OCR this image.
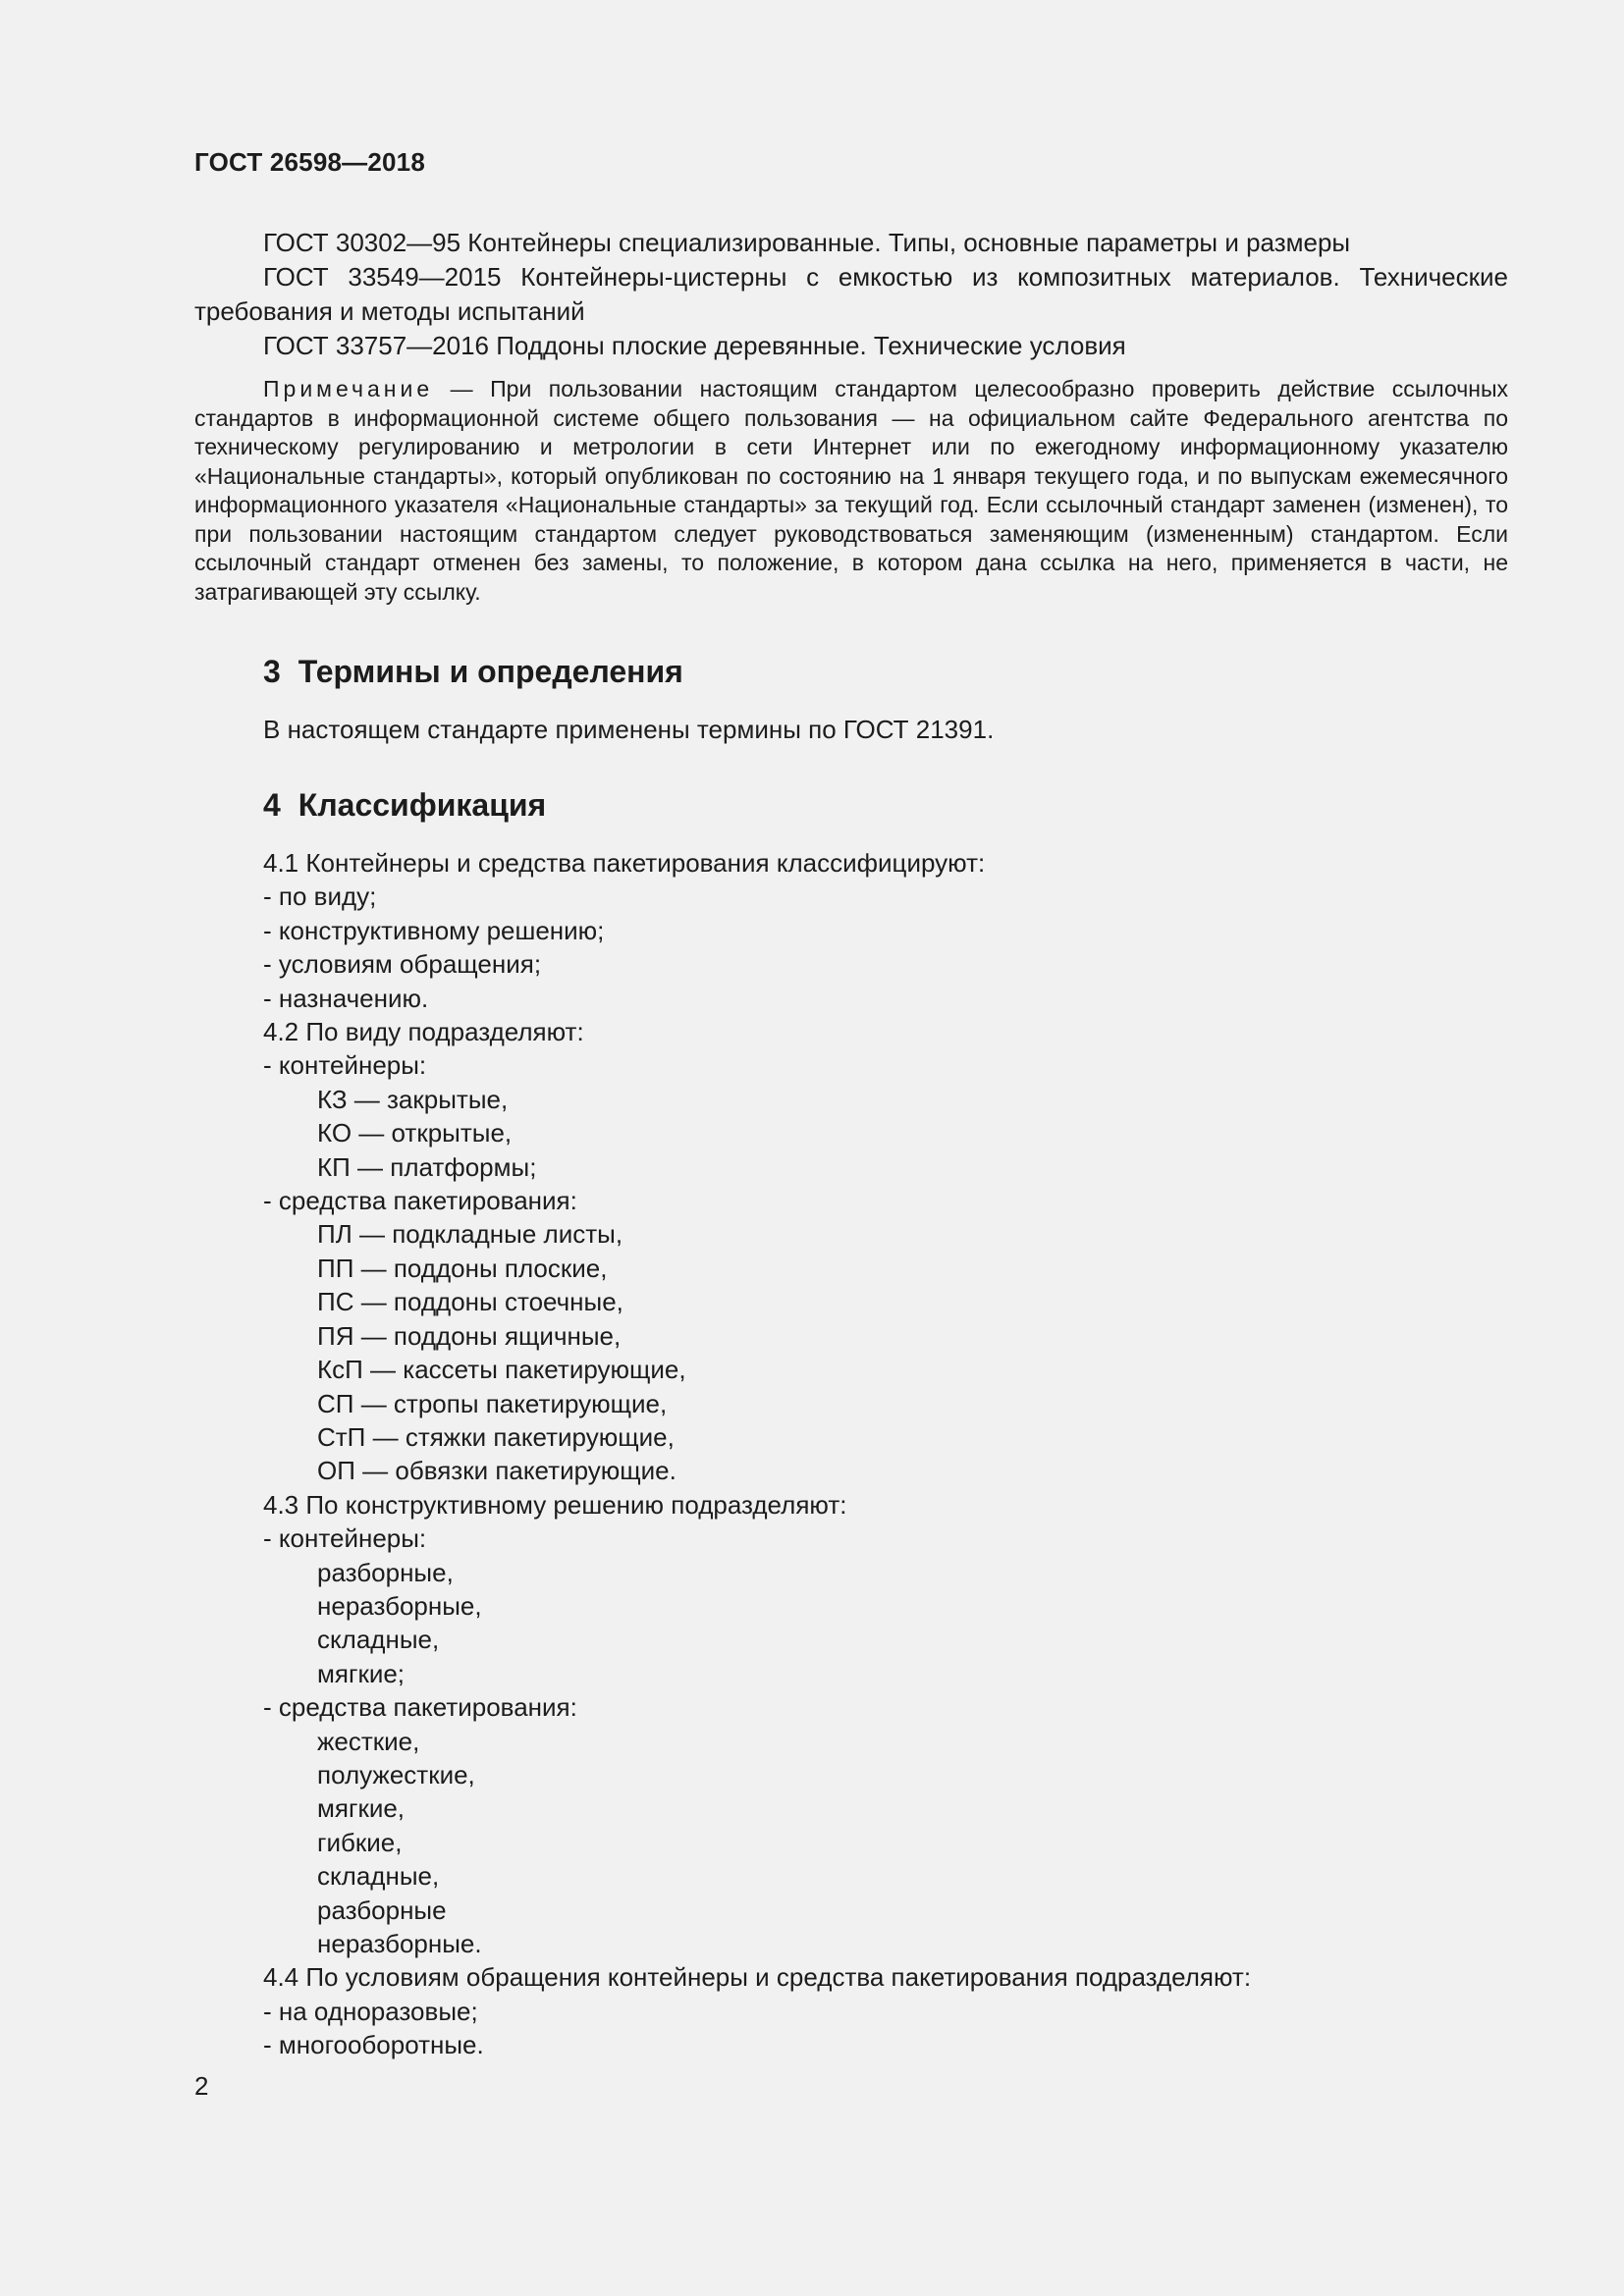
ГОСТ 26598—2018

ГОСТ 30302—95 Контейнеры специализированные. Типы, основные параметры и размеры

ГОСТ 33549—2015 Контейнеры-цистерны с емкостью из композитных материалов. Технические требования и методы испытаний

ГОСТ 33757—2016 Поддоны плоские деревянные. Технические условия

Примечание — При пользовании настоящим стандартом целесообразно проверить действие ссылочных стандартов в информационной системе общего пользования — на официальном сайте Федерального агентства по техническому регулированию и метрологии в сети Интернет или по ежегодному информационному указателю «Национальные стандарты», который опубликован по состоянию на 1 января текущего года, и по выпускам ежемесячного информационного указателя «Национальные стандарты» за текущий год. Если ссылочный стандарт заменен (изменен), то при пользовании настоящим стандартом следует руководствоваться заменяющим (измененным) стандартом. Если ссылочный стандарт отменен без замены, то положение, в котором дана ссылка на него, применяется в части, не затрагивающей эту ссылку.
3 Термины и определения
В настоящем стандарте применены термины по ГОСТ 21391.
4 Классификация
4.1 Контейнеры и средства пакетирования классифицируют:
- по виду;
- конструктивному решению;
- условиям обращения;
- назначению.
4.2 По виду подразделяют:
- контейнеры:
КЗ — закрытые,
КО — открытые,
КП — платформы;
- средства пакетирования:
ПЛ — подкладные листы,
ПП — поддоны плоские,
ПС — поддоны стоечные,
ПЯ — поддоны ящичные,
КсП — кассеты пакетирующие,
СП — стропы пакетирующие,
СтП — стяжки пакетирующие,
ОП — обвязки пакетирующие.
4.3 По конструктивному решению подразделяют:
- контейнеры:
разборные,
неразборные,
складные,
мягкие;
- средства пакетирования:
жесткие,
полужесткие,
мягкие,
гибкие,
складные,
разборные
неразборные.
4.4 По условиям обращения контейнеры и средства пакетирования подразделяют:
- на одноразовые;
- многооборотные.
2
